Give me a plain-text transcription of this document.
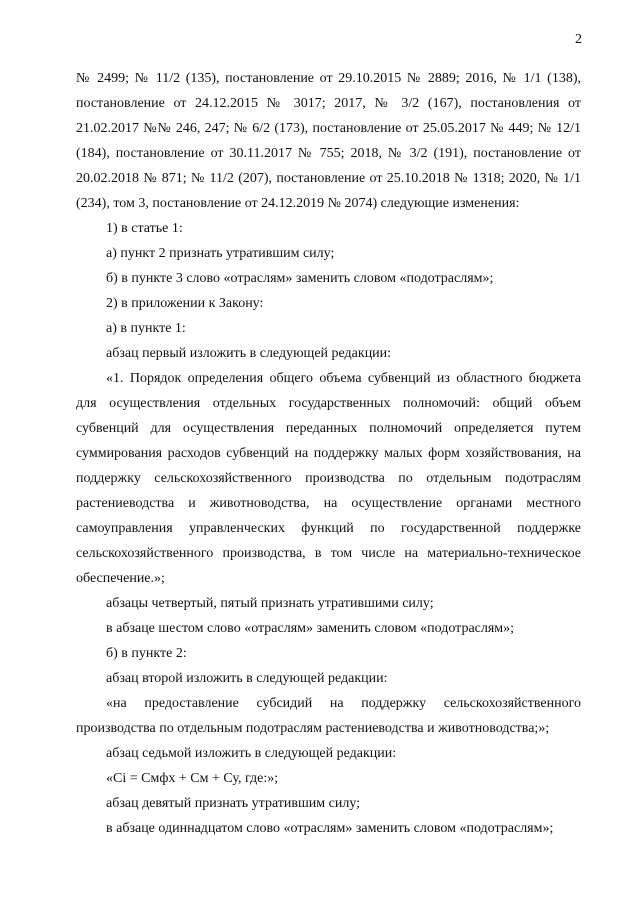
2

№ 2499; № 11/2 (135), постановление от 29.10.2015 № 2889; 2016, № 1/1 (138), постановление от 24.12.2015 № 3017; 2017, № 3/2 (167), постановления от 21.02.2017 №№ 246, 247; № 6/2 (173), постановление от 25.05.2017 № 449; № 12/1 (184), постановление от 30.11.2017 № 755; 2018, № 3/2 (191), постановление от 20.02.2018 № 871; № 11/2 (207), постановление от 25.10.2018 № 1318; 2020, № 1/1 (234), том 3, постановление от 24.12.2019 № 2074) следующие изменения:

1) в статье 1:

а) пункт 2 признать утратившим силу;

б) в пункте 3 слово «отраслям» заменить словом «подотраслям»;

2) в приложении к Закону:

а) в пункте 1:

абзац первый изложить в следующей редакции:

«1. Порядок определения общего объема субвенций из областного бюджета для осуществления отдельных государственных полномочий: общий объем субвенций для осуществления переданных полномочий определяется путем суммирования расходов субвенций на поддержку малых форм хозяйствования, на поддержку сельскохозяйственного производства по отдельным подотраслям растениеводства и животноводства, на осуществление органами местного самоуправления управленческих функций по государственной поддержке сельскохозяйственного производства, в том числе на материально-техническое обеспечение.»;

абзацы четвертый, пятый признать утратившими силу;

в абзаце шестом слово «отраслям» заменить словом «подотраслям»;

б) в пункте 2:

абзац второй изложить в следующей редакции:

«на предоставление субсидий на поддержку сельскохозяйственного производства по отдельным подотраслям растениеводства и животноводства;»;

абзац седьмой изложить в следующей редакции:

«Ci = Смфх + См + Су, где:»;

абзац девятый признать утратившим силу;

в абзаце одиннадцатом слово «отраслям» заменить словом «подотраслям»;
